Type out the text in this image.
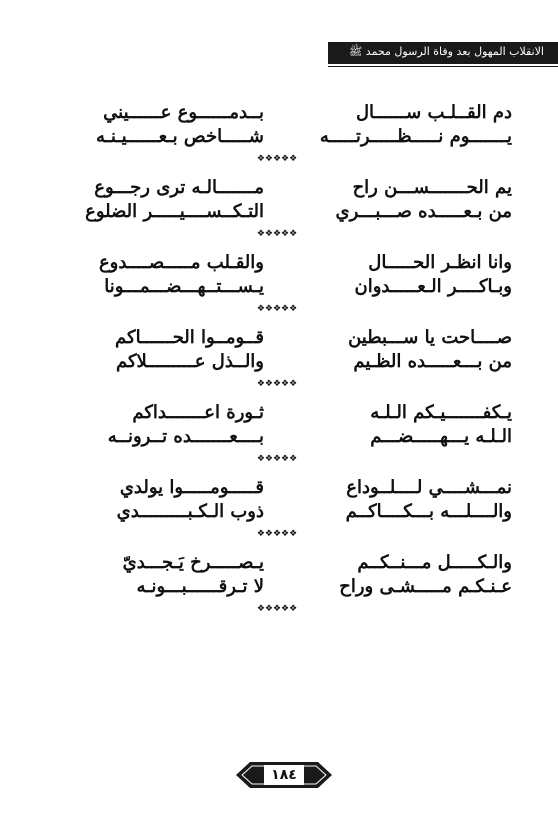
الانقلاب المهول بعد وفاة الرسول محمد ﷺ
بــدمــــــوع عــــــيني	دم القــلـب ســــــال
شـــــاخص بـعــــــيـنـه	يـــــــوم نـــــظـــــرتـــــه
❖❖❖❖❖
مـــــــالـه ترى رجـــوع	يم الحـــــــســـن راح
التـكــســــيـــــر الضلوع	من بـعـــــده صـــبـــري
❖❖❖❖❖
والقـلب مـــــصــــدوع	وانا انظـر الحـــــال
يـســـتــهـــضـــمـــونا	وبـاكــــر الـعـــــدوان
❖❖❖❖❖
قــومــوا الحــــــاكم	صــــاحت يا ســـبطين
والــذل عـــــــــلاكم	من بـــعـــــده الظـيم
❖❖❖❖❖
ثـورة اعـــــــداكم	يـكفـــــــيـكم الـلـه
بــــعـــــــده تــرونــه	الـلـه يـــهـــــضـــم
❖❖❖❖❖
قـــــومـــــوا يولدي	نمـــشــــي لــــلــوداع
ذوب الـكـبـــــــــدي	والــــلـــه بـــكــــاكــم
❖❖❖❖❖
يـصـــــرخ يَـجـــديّ	والـكـــــل مـــنــكــم
لا تـرقــــــبـــونـه	عـنـكـم مـــــشـى وراح
❖❖❖❖❖
١٨٤
